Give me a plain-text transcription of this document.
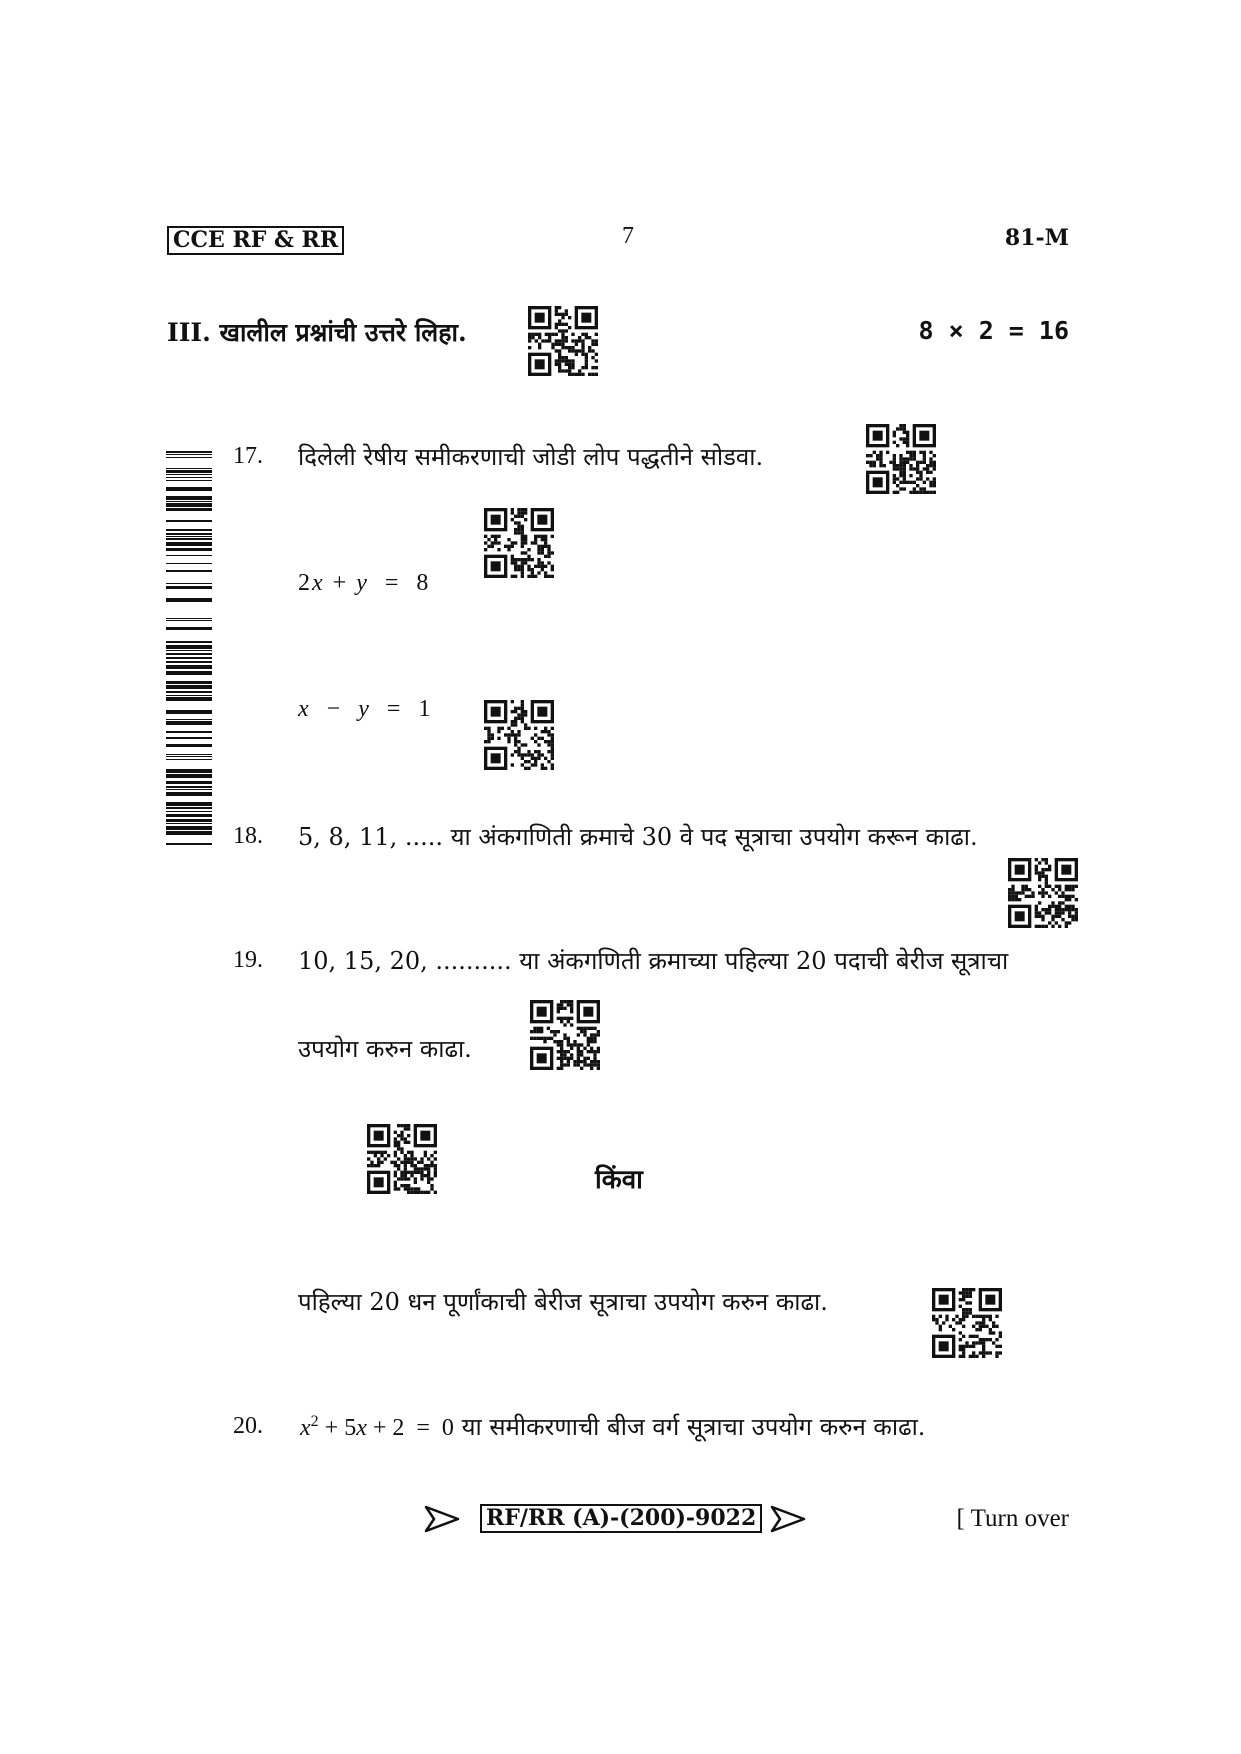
CCE RF & RR	7	81-M
III. खालील प्रश्नांची उत्तरे लिहा.	8 × 2 = 16
17. दिलेली रेषीय समीकरणाची जोडी लोप पद्धतीने सोडवा.
2x + y  =  8
x  −  y  =  1
18. 5, 8, 11, ..... या अंकगणिती क्रमाचे 30 वे पद सूत्राचा उपयोग करून काढा.
19. 10, 15, 20, .......... या अंकगणिती क्रमाच्या पहिल्या 20 पदाची बेरीज सूत्राचा
उपयोग करुन काढा.
किंवा
पहिल्या 20 धन पूर्णांकाची बेरीज सूत्राचा उपयोग करुन काढा.
20. $x^2 + 5x + 2 = 0$ या समीकरणाची बीज वर्ग सूत्राचा उपयोग करुन काढा.
RF/RR (A)-(200)-9022	[ Turn over
